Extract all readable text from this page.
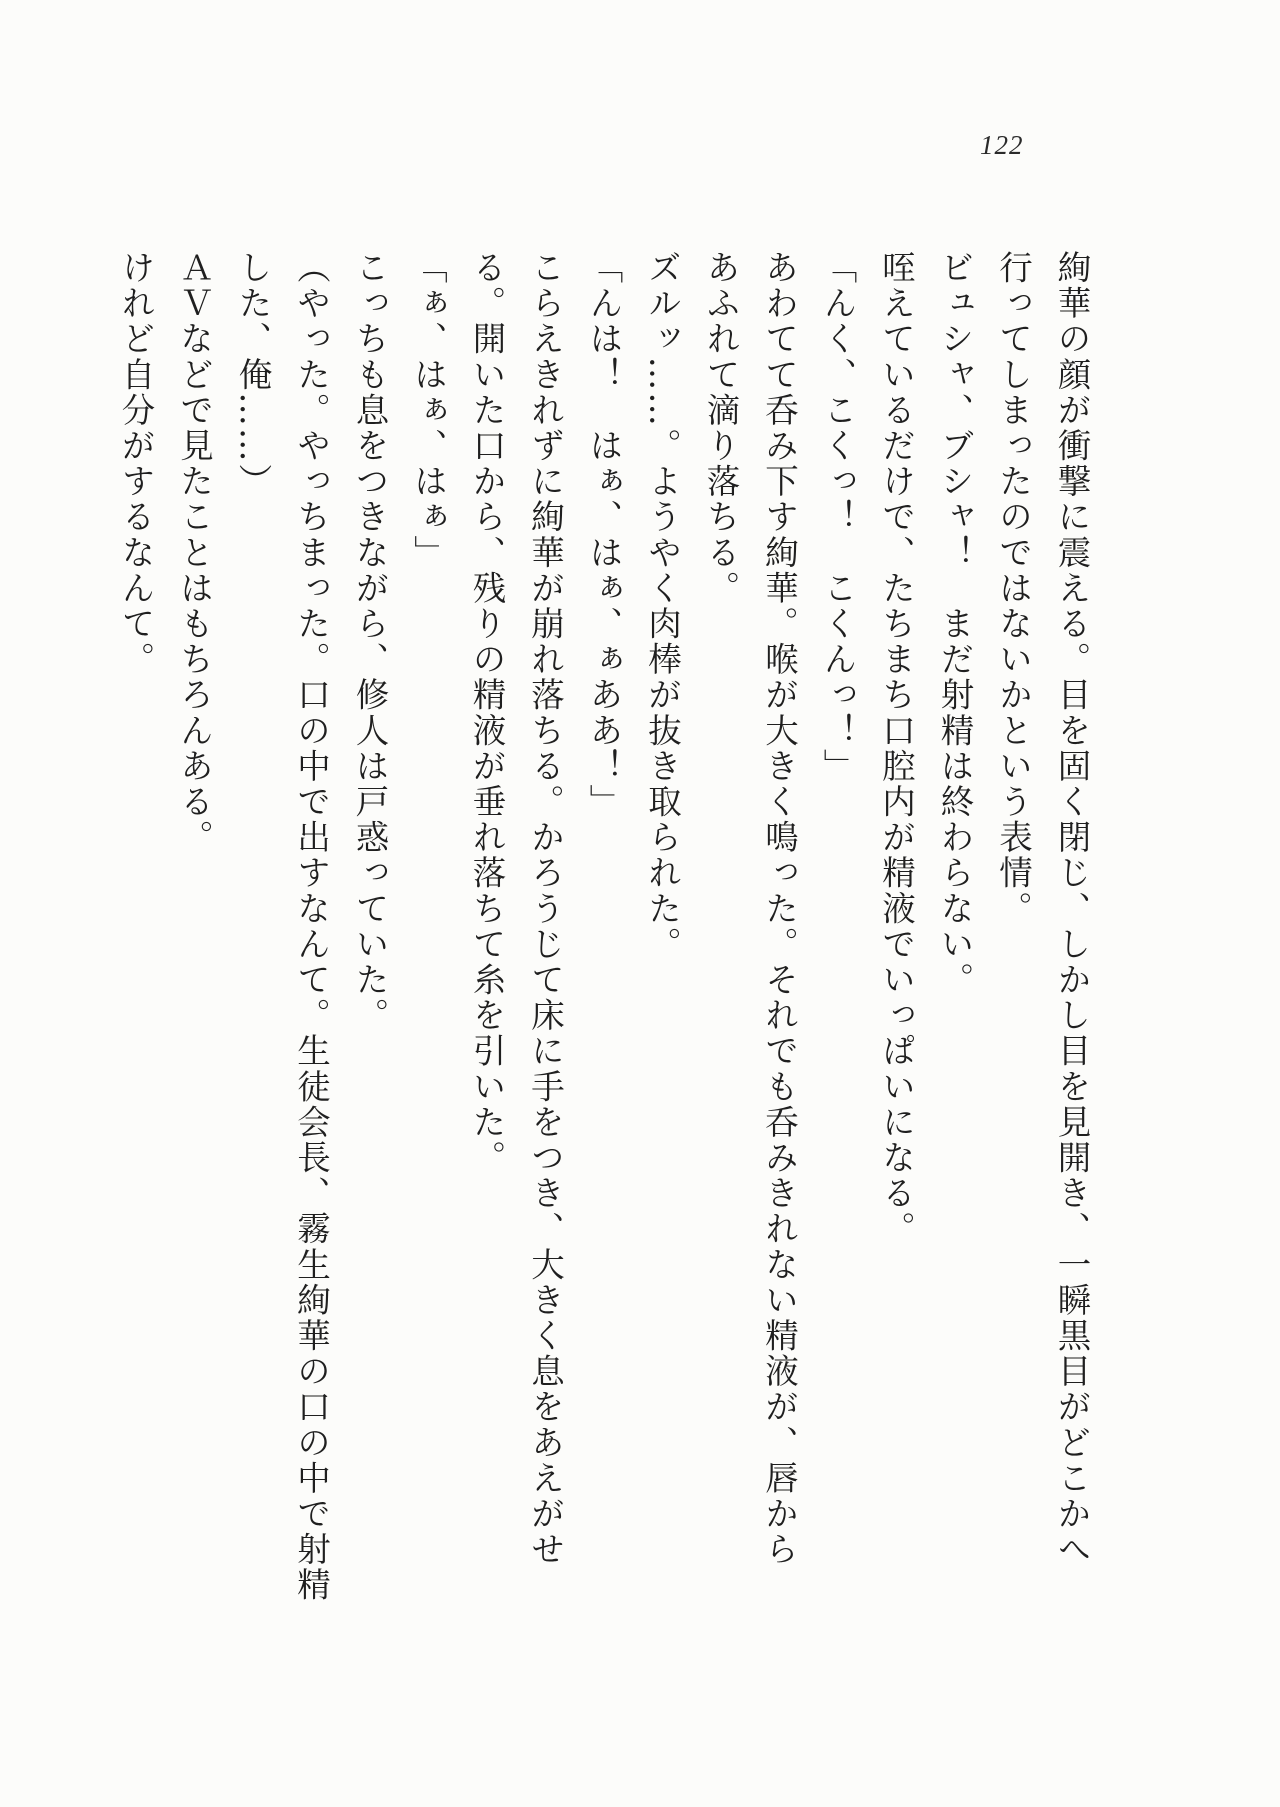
122
絢華の顔が衝撃に震える。目を固く閉じ、しかし目を見開き、一瞬黒目がどこかへ
行ってしまったのではないかという表情。
ビュシャ、ブシャ！　まだ射精は終わらない。
咥えているだけで、たちまち口腔内が精液でいっぱいになる。
「んく、こくっ！　こくんっ！」
あわてて呑み下す絢華。喉が大きく鳴った。それでも呑みきれない精液が、唇から
あふれて滴り落ちる。
ズルッ……。ようやく肉棒が抜き取られた。
「んは！　はぁ、はぁ、ぁああ！」
こらえきれずに絢華が崩れ落ちる。かろうじて床に手をつき、大きく息をあえがせ
る。開いた口から、残りの精液が垂れ落ちて糸を引いた。
「ぁ、はぁ、はぁ」
こっちも息をつきながら、修人は戸惑っていた。
（やった。やっちまった。口の中で出すなんて。生徒会長、霧生絢華の口の中で射精
した、俺……）
ＡＶなどで見たことはもちろんある。
けれど自分がするなんて。
